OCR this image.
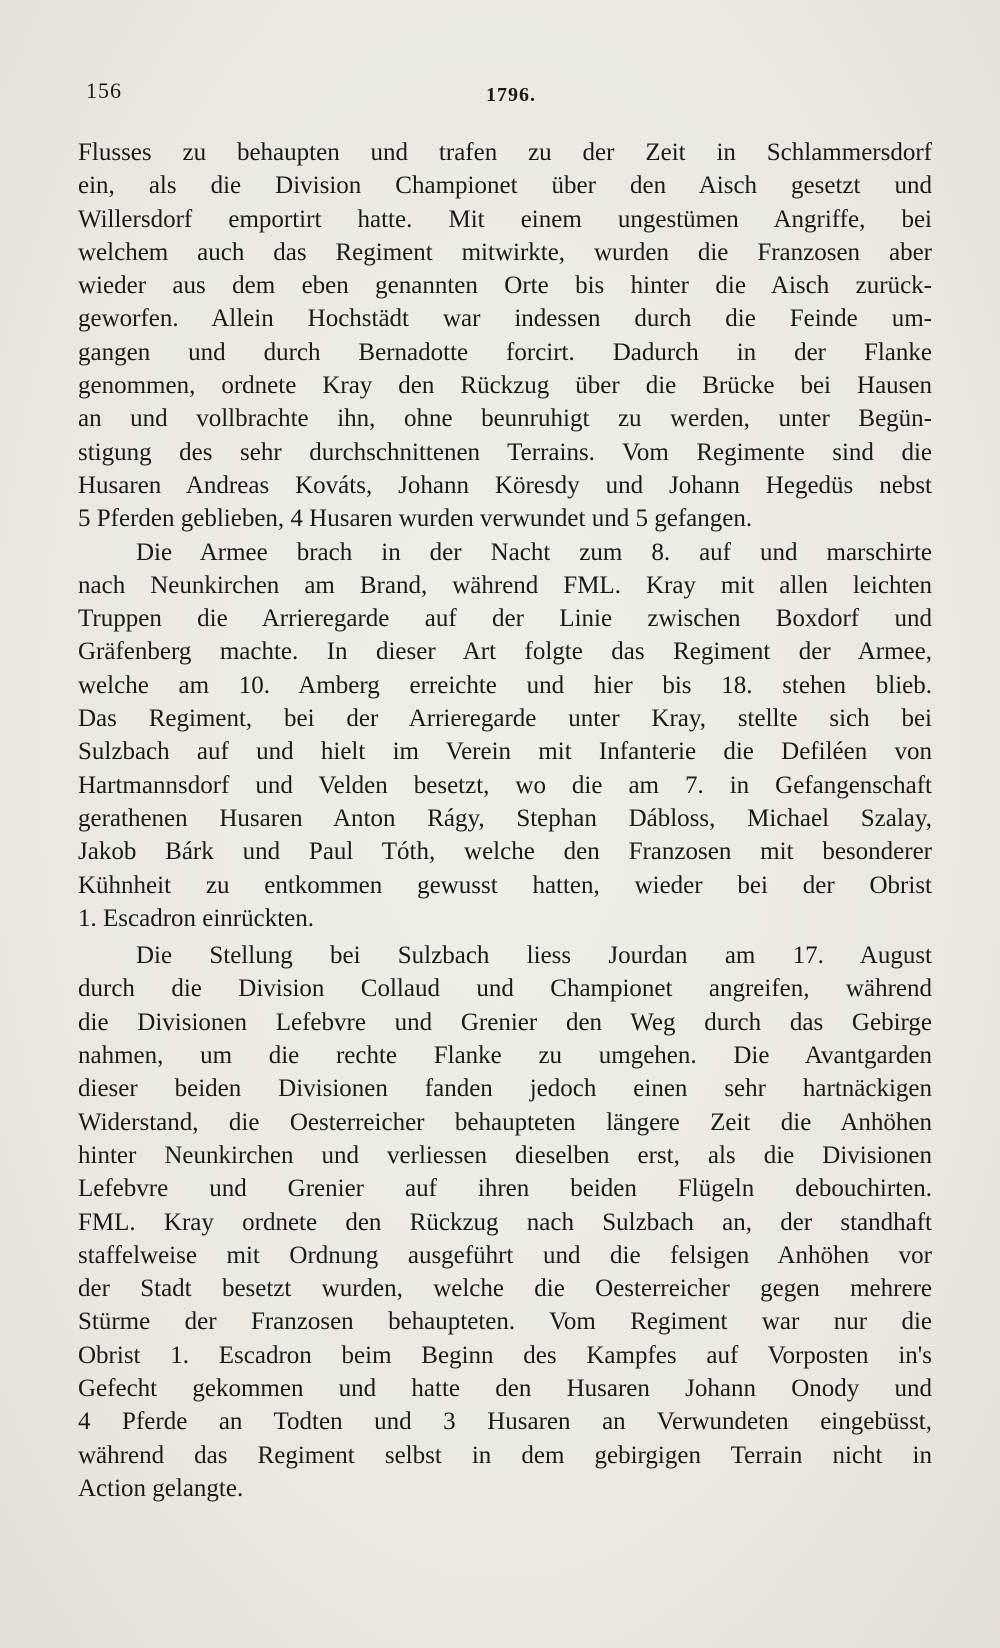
156	1796.
Flusses zu behaupten und trafen zu der Zeit in Schlammersdorf
ein, als die Division Championet über den Aisch gesetzt und
Willersdorf emportirt hatte. Mit einem ungestümen Angriffe, bei
welchem auch das Regiment mitwirkte, wurden die Franzosen aber
wieder aus dem eben genannten Orte bis hinter die Aisch zurück-
geworfen. Allein Hochstädt war indessen durch die Feinde um-
gangen und durch Bernadotte forcirt. Dadurch in der Flanke
genommen, ordnete Kray den Rückzug über die Brücke bei Hausen
an und vollbrachte ihn, ohne beunruhigt zu werden, unter Begün-
stigung des sehr durchschnittenen Terrains. Vom Regimente sind die
Husaren Andreas Kováts, Johann Köresdy und Johann Hegedüs nebst
5 Pferden geblieben, 4 Husaren wurden verwundet und 5 gefangen.
Die Armee brach in der Nacht zum 8. auf und marschirte
nach Neunkirchen am Brand, während FML. Kray mit allen leichten
Truppen die Arrieregarde auf der Linie zwischen Boxdorf und
Gräfenberg machte. In dieser Art folgte das Regiment der Armee,
welche am 10. Amberg erreichte und hier bis 18. stehen blieb.
Das Regiment, bei der Arrieregarde unter Kray, stellte sich bei
Sulzbach auf und hielt im Verein mit Infanterie die Defiléen von
Hartmannsdorf und Velden besetzt, wo die am 7. in Gefangenschaft
gerathenen Husaren Anton Rágy, Stephan Dábloss, Michael Szalay,
Jakob Bárk und Paul Tóth, welche den Franzosen mit besonderer
Kühnheit zu entkommen gewusst hatten, wieder bei der Obrist
1. Escadron einrückten.
Die Stellung bei Sulzbach liess Jourdan am 17. August
durch die Division Collaud und Championet angreifen, während
die Divisionen Lefebvre und Grenier den Weg durch das Gebirge
nahmen, um die rechte Flanke zu umgehen. Die Avantgarden
dieser beiden Divisionen fanden jedoch einen sehr hartnäckigen
Widerstand, die Oesterreicher behaupteten längere Zeit die Anhöhen
hinter Neunkirchen und verliessen dieselben erst, als die Divisionen
Lefebvre und Grenier auf ihren beiden Flügeln debouchirten.
FML. Kray ordnete den Rückzug nach Sulzbach an, der standhaft
staffelweise mit Ordnung ausgeführt und die felsigen Anhöhen vor
der Stadt besetzt wurden, welche die Oesterreicher gegen mehrere
Stürme der Franzosen behaupteten. Vom Regiment war nur die
Obrist 1. Escadron beim Beginn des Kampfes auf Vorposten in's
Gefecht gekommen und hatte den Husaren Johann Onody und
4 Pferde an Todten und 3 Husaren an Verwundeten eingebüsst,
während das Regiment selbst in dem gebirgigen Terrain nicht in
Action gelangte.
